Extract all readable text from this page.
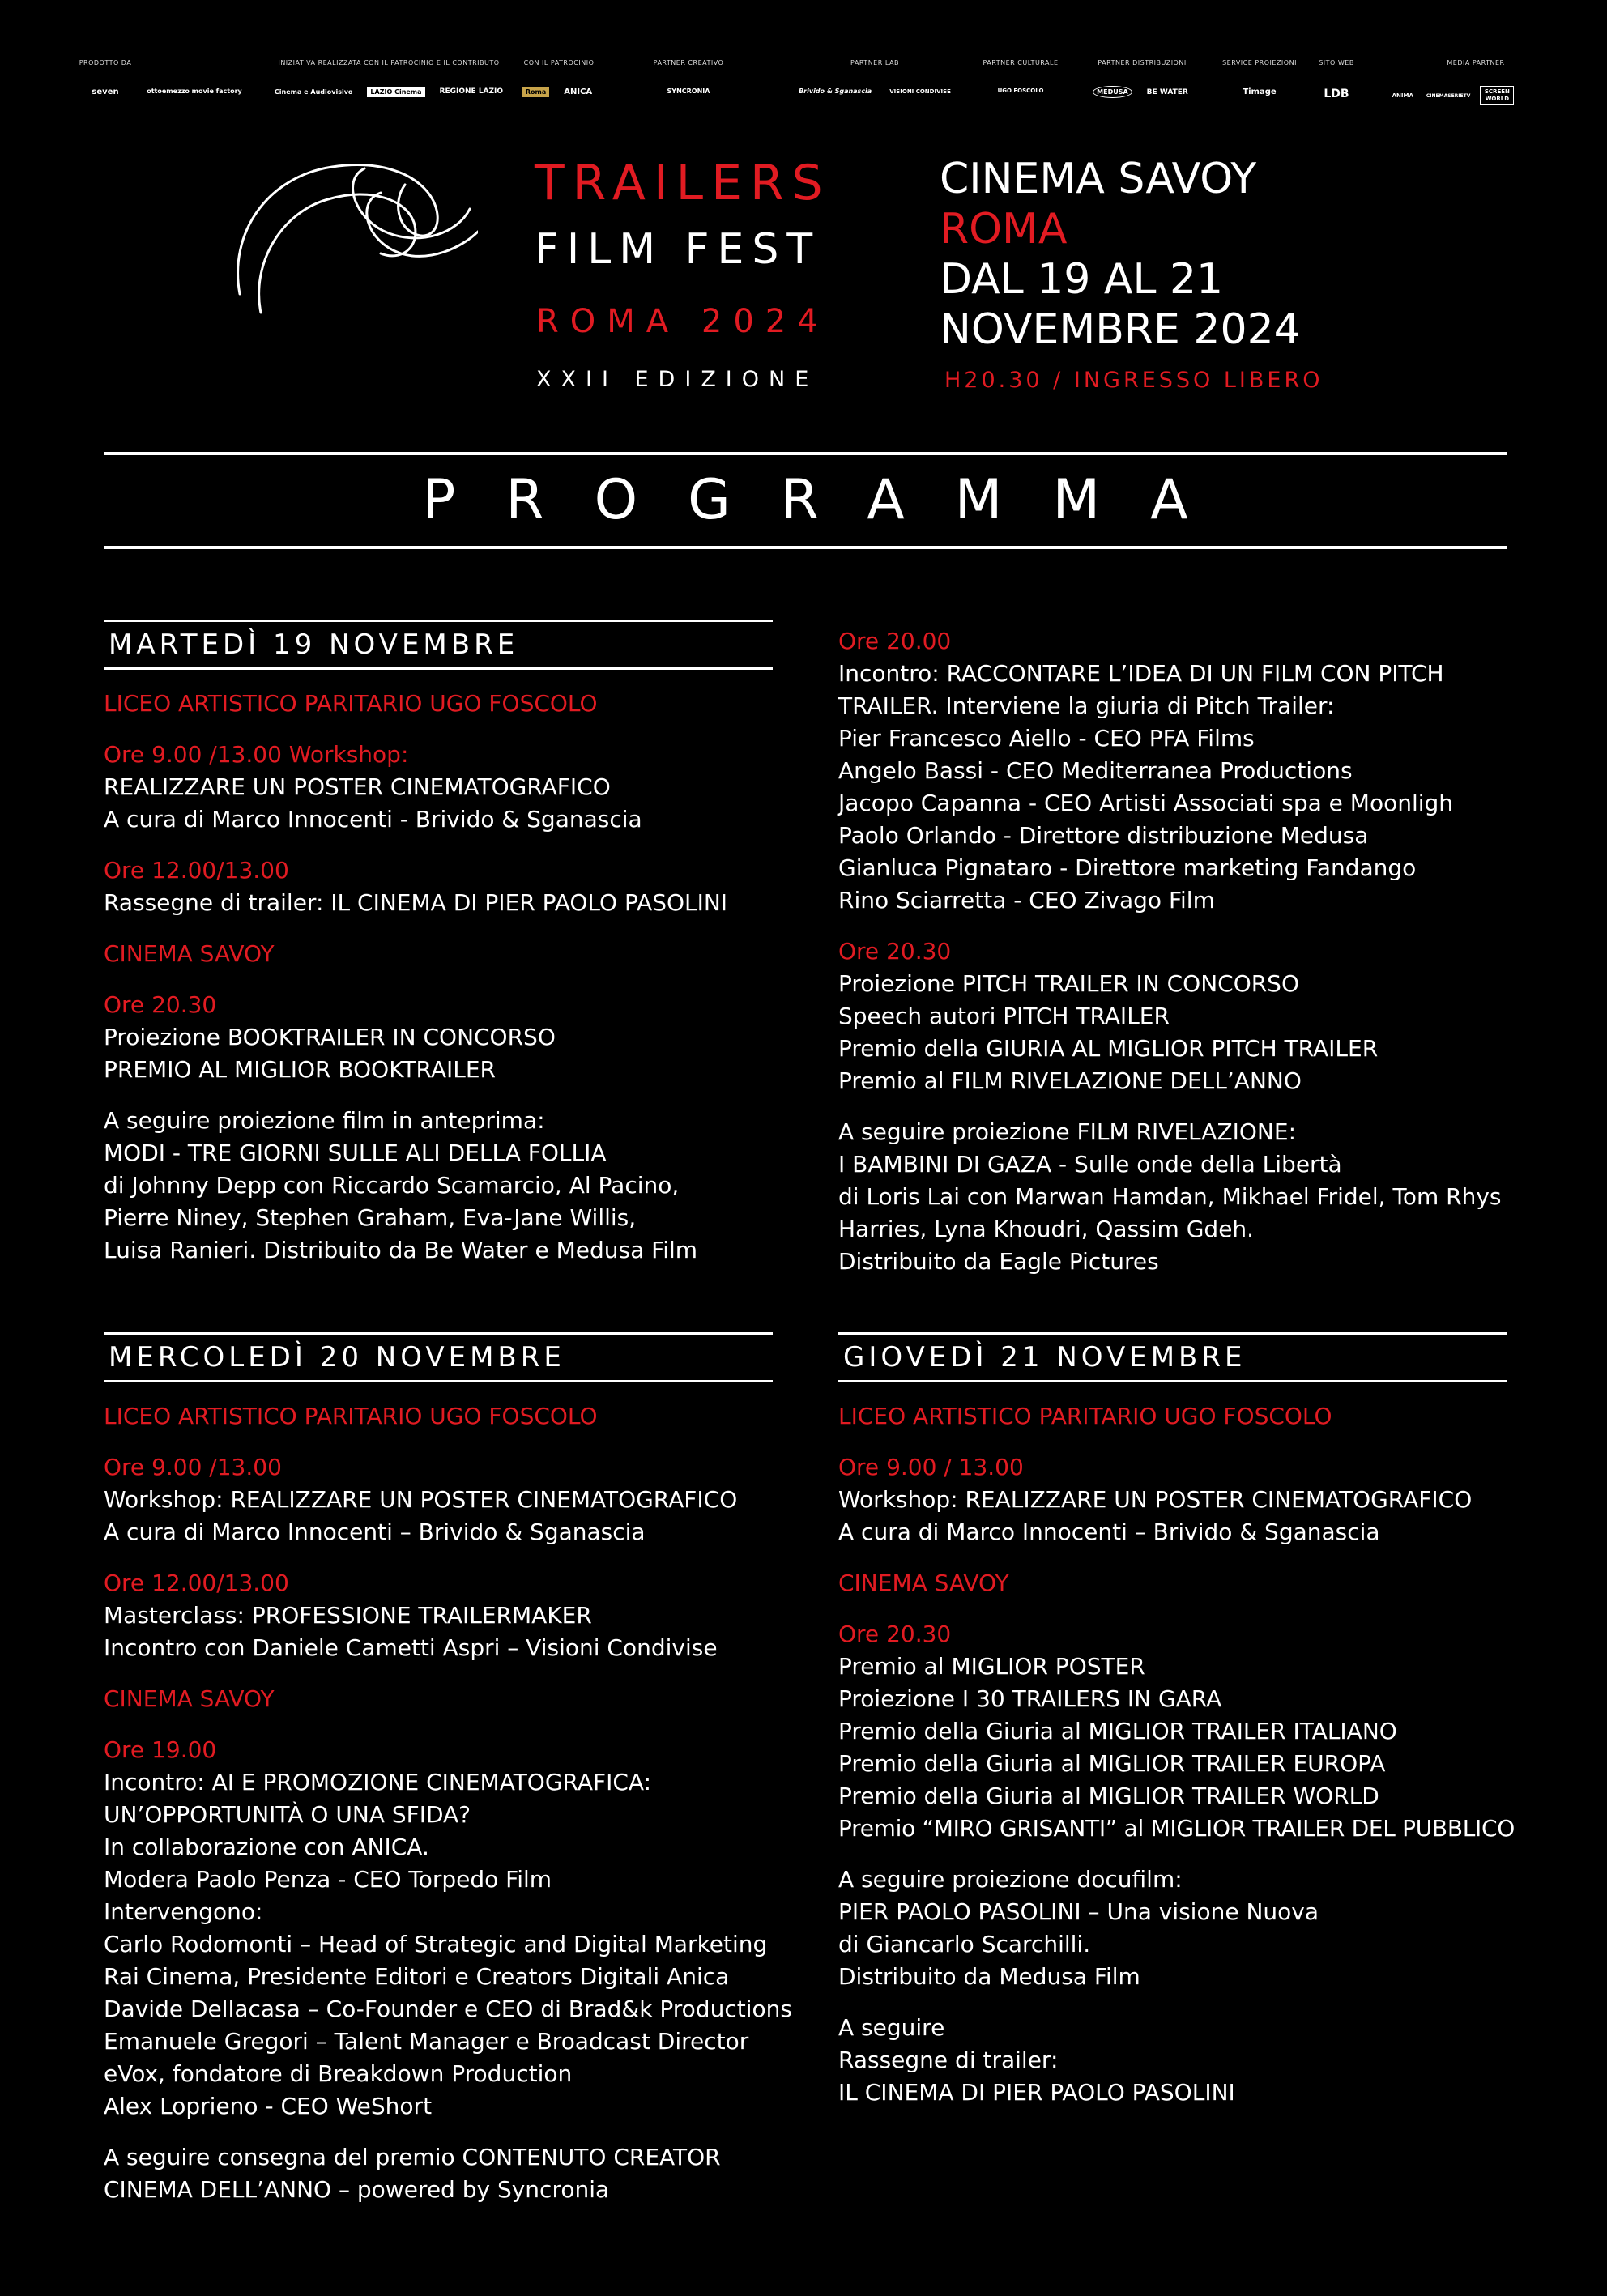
PRODOTTO DA
seven	ottoemezzo movie factory
INIZIATIVA REALIZZATA CON IL PATROCINIO E IL CONTRIBUTO
Cinema e Audiovisivo	LAZIO Cinema	REGIONE LAZIO
CON IL PATROCINIO
Roma	ANICA
PARTNER CREATIVO
SYNCRONIA
PARTNER LAB
Brivido & Sganascia	VISIONI CONDIVISE
PARTNER CULTURALE
UGO FOSCOLO
PARTNER DISTRIBUZIONI
MEDUSA	BE WATER
SERVICE PROIEZIONI
Timage
SITO WEB
LDB
MEDIA PARTNER
ANIMA	CINEMASERIETV
SCREEN WORLD
TRAILERS
FILM FEST
ROMA 2024
XXII EDIZIONE
CINEMA SAVOY
ROMA
DAL 19 AL 21
NOVEMBRE 2024
H20.30 / INGRESSO LIBERO
PROGRAMMA
MARTEDÌ 19 NOVEMBRE
LICEO ARTISTICO PARITARIO UGO FOSCOLO
Ore 9.00 /13.00 Workshop:
REALIZZARE UN POSTER CINEMATOGRAFICO
A cura di Marco Innocenti - Brivido & Sganascia
Ore 12.00/13.00
Rassegne di trailer: IL CINEMA DI PIER PAOLO PASOLINI
CINEMA SAVOY
Ore 20.30
Proiezione BOOKTRAILER IN CONCORSO
PREMIO AL MIGLIOR BOOKTRAILER
A seguire proiezione film in anteprima:
MODI - TRE GIORNI SULLE ALI DELLA FOLLIA
di Johnny Depp con Riccardo Scamarcio, Al Pacino,
Pierre Niney, Stephen Graham, Eva-Jane Willis,
Luisa Ranieri. Distribuito da Be Water e Medusa Film
Ore 20.00
Incontro: RACCONTARE L’IDEA DI UN FILM CON PITCH
TRAILER. Interviene la giuria di Pitch Trailer:
Pier Francesco Aiello - CEO PFA Films
Angelo Bassi - CEO Mediterranea Productions
Jacopo Capanna - CEO Artisti Associati spa e Moonligh
Paolo Orlando - Direttore distribuzione Medusa
Gianluca Pignataro - Direttore marketing Fandango
Rino Sciarretta - CEO Zivago Film
Ore 20.30
Proiezione PITCH TRAILER IN CONCORSO
Speech autori PITCH TRAILER
Premio della GIURIA AL MIGLIOR PITCH TRAILER
Premio al FILM RIVELAZIONE DELL’ANNO
A seguire proiezione FILM RIVELAZIONE:
I BAMBINI DI GAZA - Sulle onde della Libertà
di Loris Lai con Marwan Hamdan, Mikhael Fridel, Tom Rhys
Harries, Lyna Khoudri, Qassim Gdeh.
Distribuito da Eagle Pictures
MERCOLEDÌ 20 NOVEMBRE
LICEO ARTISTICO PARITARIO UGO FOSCOLO
Ore 9.00 /13.00
Workshop: REALIZZARE UN POSTER CINEMATOGRAFICO
A cura di Marco Innocenti – Brivido & Sganascia
Ore 12.00/13.00
Masterclass: PROFESSIONE TRAILERMAKER
Incontro con Daniele Cametti Aspri – Visioni Condivise
CINEMA SAVOY
Ore 19.00
Incontro: AI E PROMOZIONE CINEMATOGRAFICA:
UN’OPPORTUNITÀ O UNA SFIDA?
In collaborazione con ANICA.
Modera Paolo Penza - CEO Torpedo Film
Intervengono:
Carlo Rodomonti – Head of Strategic and Digital Marketing
Rai Cinema, Presidente Editori e Creators Digitali Anica
Davide Dellacasa – Co-Founder e CEO di Brad&k Productions
Emanuele Gregori – Talent Manager e Broadcast Director
eVox, fondatore di Breakdown Production
Alex Loprieno - CEO WeShort
A seguire consegna del premio CONTENUTO CREATOR
CINEMA DELL’ANNO – powered by Syncronia
GIOVEDÌ 21 NOVEMBRE
LICEO ARTISTICO PARITARIO UGO FOSCOLO
Ore 9.00 / 13.00
Workshop: REALIZZARE UN POSTER CINEMATOGRAFICO
A cura di Marco Innocenti – Brivido & Sganascia
CINEMA SAVOY
Ore 20.30
Premio al MIGLIOR POSTER
Proiezione I 30 TRAILERS IN GARA
Premio della Giuria al MIGLIOR TRAILER ITALIANO
Premio della Giuria al MIGLIOR TRAILER EUROPA
Premio della Giuria al MIGLIOR TRAILER WORLD
Premio “MIRO GRISANTI” al MIGLIOR TRAILER DEL PUBBLICO
A seguire proiezione docufilm:
PIER PAOLO PASOLINI – Una visione Nuova
di Giancarlo Scarchilli.
Distribuito da Medusa Film
A seguire
Rassegne di trailer:
IL CINEMA DI PIER PAOLO PASOLINI
